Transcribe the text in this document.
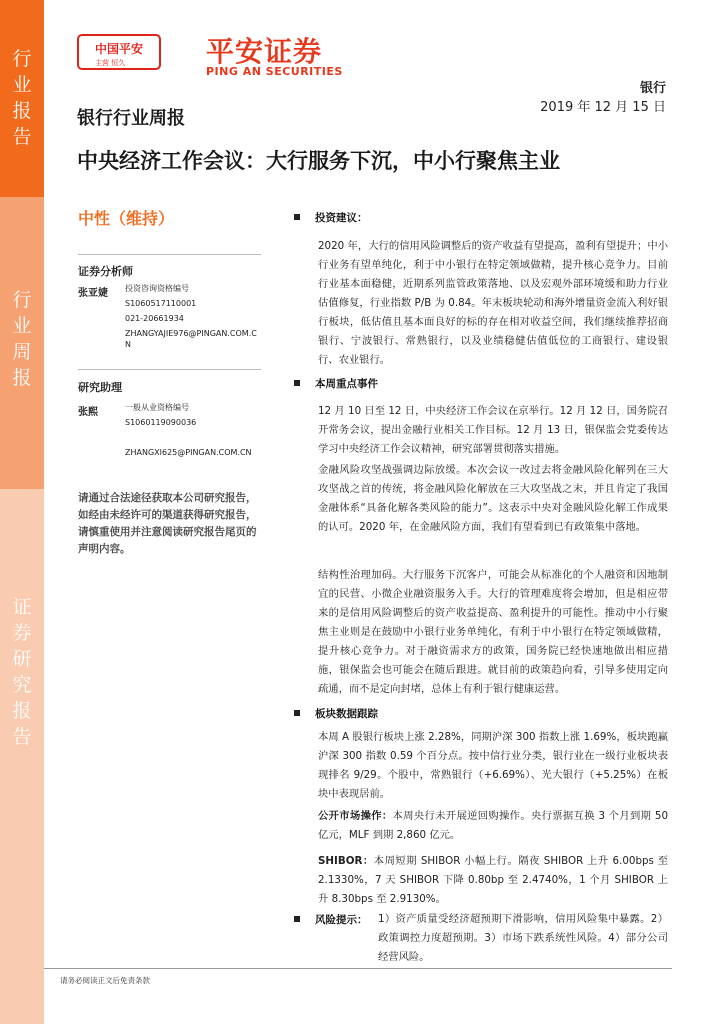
行业报告
行业周报
证券研究报告
中国平安
主营 恒久	平安证券
PING AN SECURITIES
银行
2019 年 12 月 15 日
银行行业周报
中央经济工作会议：大行服务下沉，中小行聚焦主业
中性（维持）
证券分析师
张亚婕 投资咨询资格编号
S1060517110001
021-20661934
ZHANGYAJIE976@PINGAN.COM.C
N
研究助理
张熙	一般从业资格编号
S1060119090036
ZHANGXI625@PINGAN.COM.CN
请通过合法途径获取本公司研究报告，如经由未经许可的渠道获得研究报告，请慎重使用并注意阅读研究报告尾页的声明内容。
投资建议：
2020 年，大行的信用风险调整后的资产收益有望提高，盈利有望提升；中小行业务有望单纯化，利于中小银行在特定领域做精，提升核心竞争力。目前行业基本面稳健，近期系列监管政策落地、以及宏观外部环境缓和助力行业估值修复，行业指数 P/B 为 0.84。年末板块轮动和海外增量资金流入利好银行板块，低估值且基本面良好的标的存在相对收益空间，我们继续推荐招商银行、宁波银行、常熟银行，以及业绩稳健估值低位的工商银行、建设银行、农业银行。
本周重点事件
12 月 10 日至 12 日，中央经济工作会议在京举行。12 月 12 日，国务院召开常务会议，提出金融行业相关工作目标。12 月 13 日，银保监会党委传达学习中央经济工作会议精神，研究部署贯彻落实措施。
金融风险攻坚战强调边际放缓。本次会议一改过去将金融风险化解列在三大攻坚战之首的传统，将金融风险化解放在三大攻坚战之末，并且肯定了我国金融体系“具备化解各类风险的能力”。这表示中央对金融风险化解工作成果的认可。2020 年，在金融风险方面，我们有望看到已有政策集中落地。
结构性治理加码。大行服务下沉客户，可能会从标准化的个人融资和因地制宜的民营、小微企业融资服务入手。大行的管理难度将会增加，但是相应带来的是信用风险调整后的资产收益提高、盈利提升的可能性。推动中小行聚焦主业则是在鼓励中小银行业务单纯化，有利于中小银行在特定领域做精，提升核心竞争力。对于融资需求方的政策，国务院已经快速地做出相应措施，银保监会也可能会在随后跟进。就目前的政策趋向看，引导多使用定向疏通，而不是定向封堵，总体上有利于银行健康运营。
板块数据跟踪
本周 A 股银行板块上涨 2.28%，同期沪深 300 指数上涨 1.69%，板块跑赢沪深 300 指数 0.59 个百分点。按中信行业分类，银行业在一级行业板块表现排名 9/29。个股中，常熟银行（+6.69%）、光大银行（+5.25%）在板块中表现居前。
公开市场操作：本周央行未开展逆回购操作。央行票据互换 3 个月到期 50 亿元，MLF 到期 2,860 亿元。
SHIBOR：本周短期 SHIBOR 小幅上行。隔夜 SHIBOR 上升 6.00bps 至 2.1330%，7 天 SHIBOR 下降 0.80bp 至 2.4740%，1 个月 SHIBOR 上升 8.30bps 至 2.9130%。
风险提示： 1）资产质量受经济超预期下滑影响，信用风险集中暴露。2）政策调控力度超预期。3）市场下跌系统性风险。4）部分公司经营风险。
请务必阅读正文后免责条款
